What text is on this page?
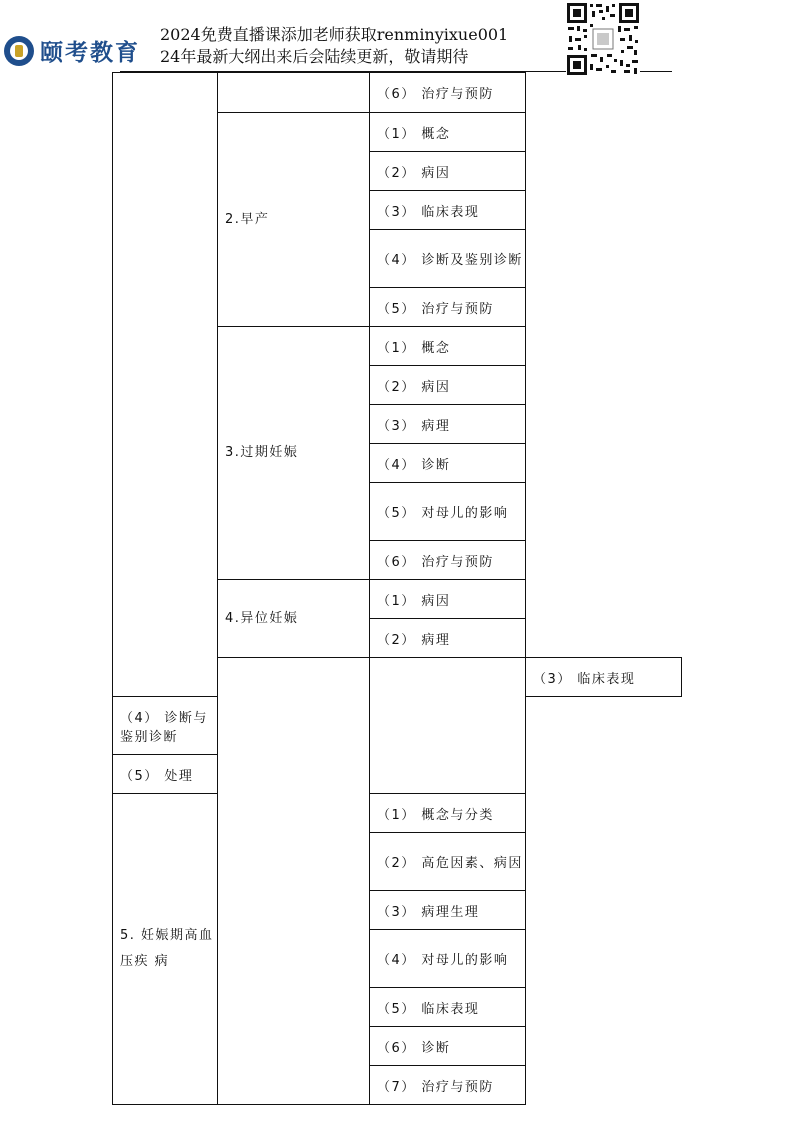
颐考教育
2024免费直播课添加老师获取renminyixue001
24年最新大纲出来后会陆续更新，敬请期待
		（6） 治疗与预防	
	2.早产	（1） 概念	
		（2） 病因	
		（3） 临床表现	
		（4） 诊断及鉴别诊断	
		（5） 治疗与预防	
	3.过期妊娠	（1） 概念	
		（2） 病因	
		（3） 病理	
		（4） 诊断	
		（5） 对母儿的影响	
		（6） 治疗与预防	
	4.异位妊娠	（1） 病因	
		（2） 病理	
			（3） 临床表现
（4） 诊断与鉴别诊断			
（5） 处理			
5. 妊娠期高血压疾 病		（1） 概念与分类	
		（2） 高危因素、病因	
		（3） 病理生理	
		（4） 对母儿的影响	
		（5） 临床表现	
		（6） 诊断	
		（7） 治疗与预防	
